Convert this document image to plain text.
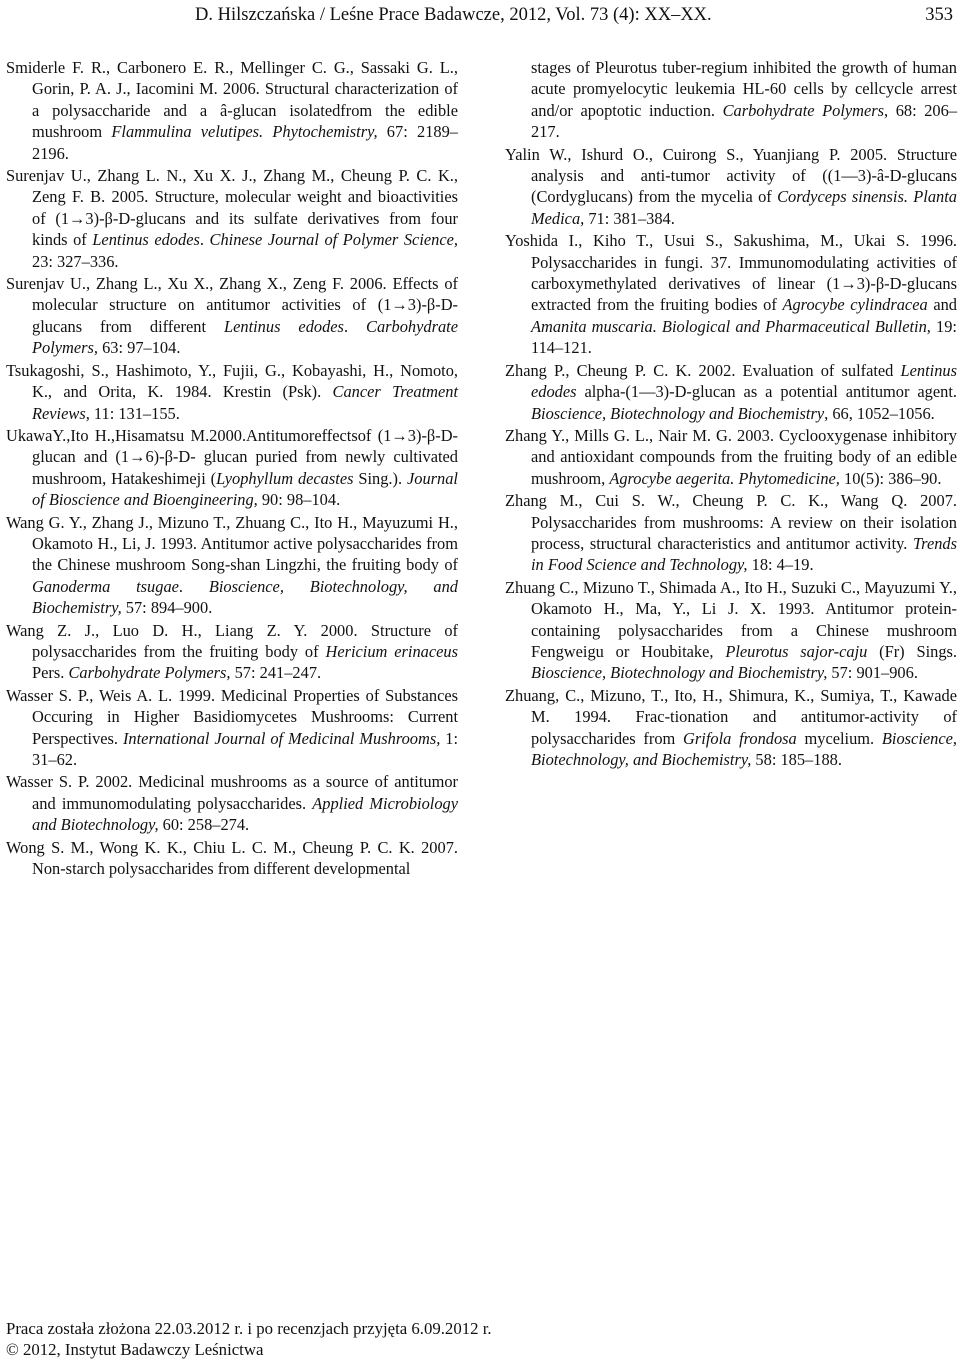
D. Hilszczańska / Leśne Prace Badawcze, 2012, Vol. 73 (4): XX–XX.	353

Smiderle F. R., Carbonero E. R., Mellinger C. G., Sassaki G. L., Gorin, P. A. J., Iacomini M. 2006. Structural characterization of a polysaccharide and a â-glucan isolatedfrom the edible mushroom Flammulina velutipes. Phytochemistry, 67: 2189–2196.

Surenjav U., Zhang L. N., Xu X. J., Zhang M., Cheung P. C. K., Zeng F. B. 2005. Structure, molecular weight and bioactivities of (1→3)-β-D-glucans and its sulfate derivatives from four kinds of Lentinus edodes. Chinese Journal of Polymer Science, 23: 327–336.

Surenjav U., Zhang L., Xu X., Zhang X., Zeng F. 2006. Effects of molecular structure on antitumor activities of (1→3)-β-D-glucans from different Lentinus edodes. Carbohydrate Polymers, 63: 97–104.

Tsukagoshi, S., Hashimoto, Y., Fujii, G., Kobayashi, H., Nomoto, K., and Orita, K. 1984. Krestin (Psk). Cancer Treatment Reviews, 11: 131–155.

UkawaY.,Ito H.,Hisamatsu M.2000.Antitumoreffectsof (1→3)-β-D- glucan and (1→6)-β-D- glucan puried from newly cultivated mushroom, Hatakeshimeji (Lyophyllum decastes Sing.). Journal of Bioscience and Bioengineering, 90: 98–104.

Wang G. Y., Zhang J., Mizuno T., Zhuang C., Ito H., Mayuzumi H., Okamoto H., Li, J. 1993. Antitumor active polysaccharides from the Chinese mushroom Song-shan Lingzhi, the fruiting body of Ganoderma tsugae. Bioscience, Biotechnology, and Biochemistry, 57: 894–900.

Wang Z. J., Luo D. H., Liang Z. Y. 2000. Structure of polysaccharides from the fruiting body of Hericium erinaceus Pers. Carbohydrate Polymers, 57: 241–247.

Wasser S. P., Weis A. L. 1999. Medicinal Properties of Substances Occuring in Higher Basidiomycetes Mushrooms: Current Perspectives. International Journal of Medicinal Mushrooms, 1: 31–62.

Wasser S. P. 2002. Medicinal mushrooms as a source of antitumor and immunomodulating polysaccharides. Applied Microbiology and Biotechnology, 60: 258–274.

Wong S. M., Wong K. K., Chiu L. C. M., Cheung P. C. K. 2007. Non-starch polysaccharides from different developmental

stages of Pleurotus tuber-regium inhibited the growth of human acute promyelocytic leukemia HL-60 cells by cellcycle arrest and/or apoptotic induction. Carbohydrate Polymers, 68: 206–217.

Yalin W., Ishurd O., Cuirong S., Yuanjiang P. 2005. Structure analysis and anti-tumor activity of ((1—3)-â-D-glucans (Cordyglucans) from the mycelia of Cordyceps sinensis. Planta Medica, 71: 381–384.

Yoshida I., Kiho T., Usui S., Sakushima, M., Ukai S. 1996. Polysaccharides in fungi. 37. Immunomodulating activities of carboxymethylated derivatives of linear (1→3)-β-D-glucans extracted from the fruiting bodies of Agrocybe cylindracea and Amanita muscaria. Biological and Pharmaceutical Bulletin, 19: 114–121.

Zhang P., Cheung P. C. K. 2002. Evaluation of sulfated Lentinus edodes alpha-(1—3)-D-glucan as a potential antitumor agent. Bioscience, Biotechnology and Biochemistry, 66, 1052–1056.

Zhang Y., Mills G. L., Nair M. G. 2003. Cyclooxygenase inhibitory and antioxidant compounds from the fruiting body of an edible mushroom, Agrocybe aegerita. Phytomedicine, 10(5): 386–90.

Zhang M., Cui S. W., Cheung P. C. K., Wang Q. 2007. Polysaccharides from mushrooms: A review on their isolation process, structural characteristics and antitumor activity. Trends in Food Science and Technology, 18: 4–19.

Zhuang C., Mizuno T., Shimada A., Ito H., Suzuki C., Mayuzumi Y., Okamoto H., Ma, Y., Li J. X. 1993. Antitumor protein-containing polysaccharides from a Chinese mushroom Fengweigu or Houbitake, Pleurotus sajor-caju (Fr) Sings. Bioscience, Biotechnology and Biochemistry, 57: 901–906.

Zhuang, C., Mizuno, T., Ito, H., Shimura, K., Sumiya, T., Kawade M. 1994. Frac-tionation and antitumor-activity of polysaccharides from Grifola frondosa mycelium. Bioscience, Biotechnology, and Biochemistry, 58: 185–188.

Praca została złożona 22.03.2012 r. i po recenzjach przyjęta 6.09.2012 r.
© 2012, Instytut Badawczy Leśnictwa
